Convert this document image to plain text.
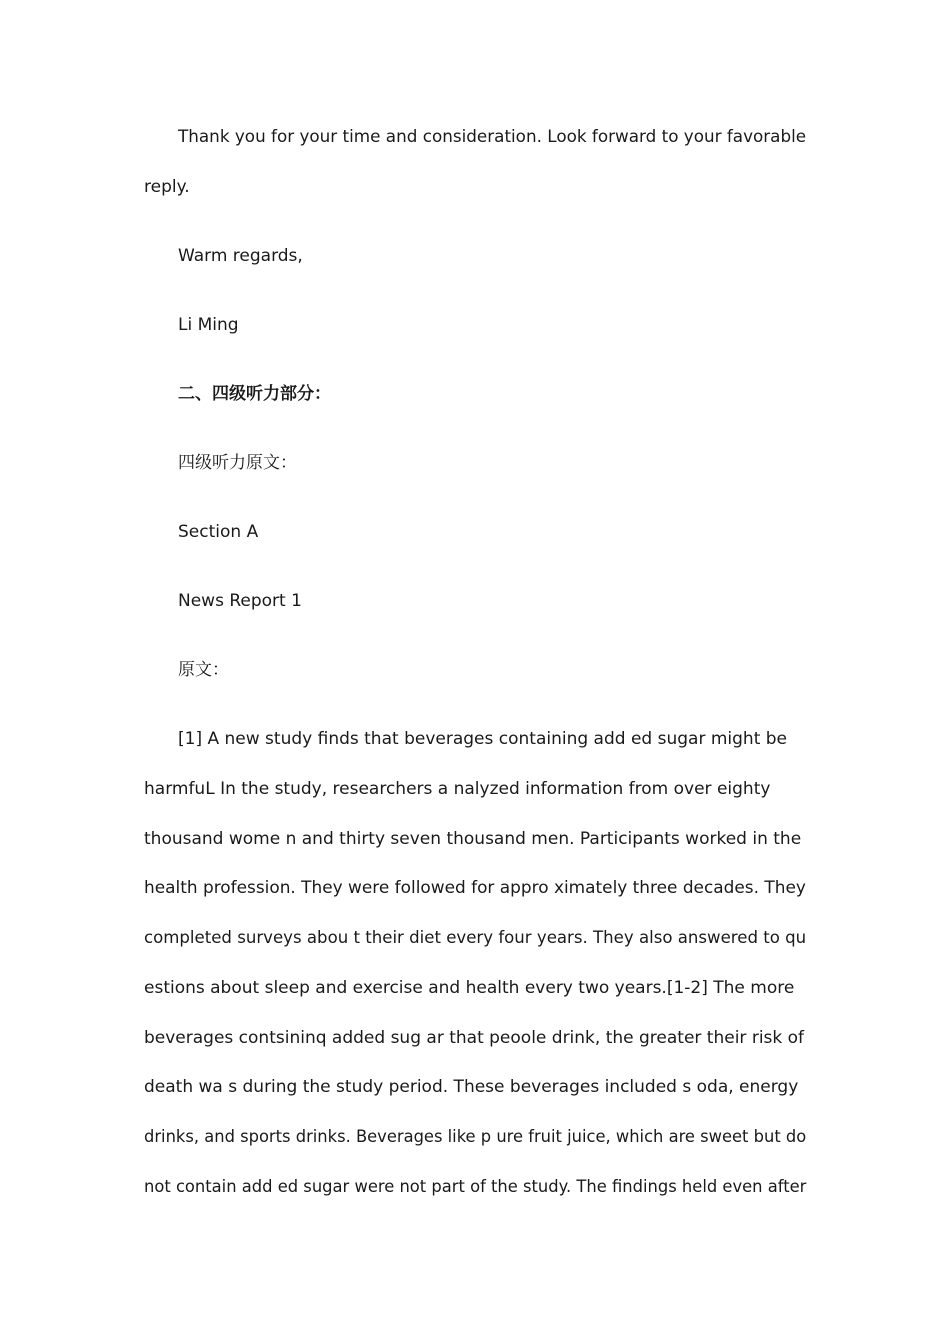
Thank you for your time and consideration. Look forward to your favorable
reply.
Warm regards,
Li Ming
二、四级听力部分：
四级听力原文：
Section A
News Report 1
原文：
[1] A new study finds that beverages containing add ed sugar might be
harmfuL In the study, researchers a nalyzed information from over eighty
thousand wome n and thirty seven thousand men. Participants worked in the
health profession. They were followed for appro ximately three decades. They
completed surveys abou t their diet every four years. They also answered to qu
estions about sleep and exercise and health every two years.[1-2] The more
beverages contsininq added sug ar that peoole drink, the greater their risk of
death wa s during the study period. These beverages included s oda, energy
drinks, and sports drinks. Beverages like p ure fruit juice, which are sweet but do
not contain add ed sugar were not part of the study. The findings held even after
